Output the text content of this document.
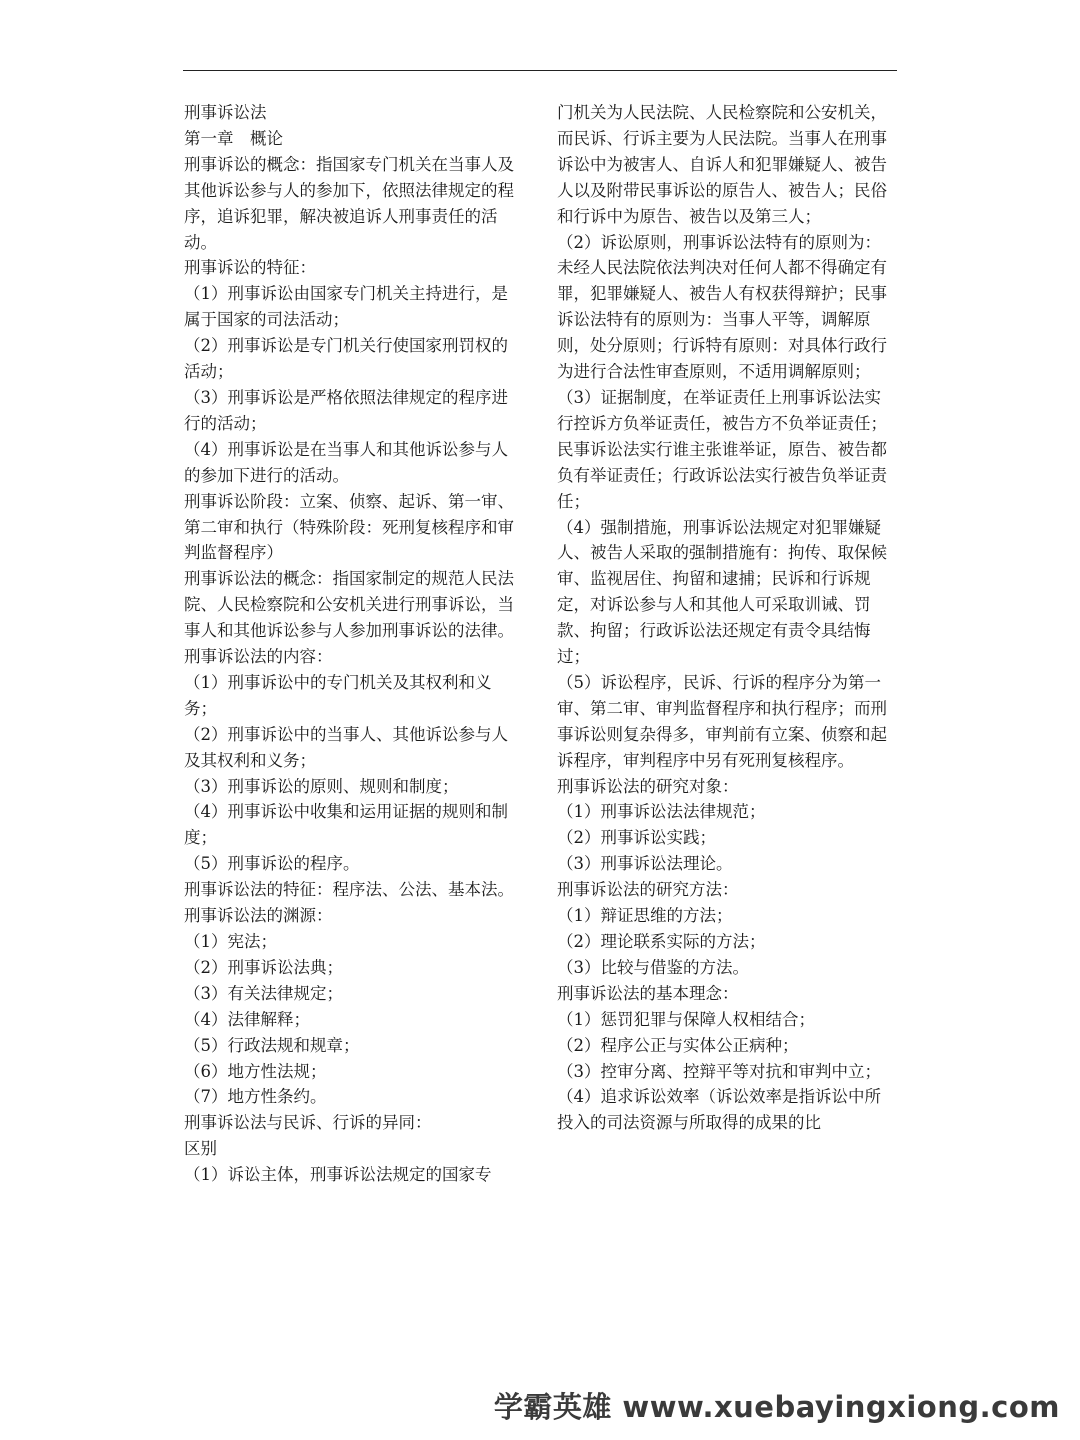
刑事诉讼法
第一章　概论
刑事诉讼的概念：指国家专门机关在当事人及其他诉讼参与人的参加下，依照法律规定的程序，追诉犯罪，解决被追诉人刑事责任的活动。
刑事诉讼的特征：
（1）刑事诉讼由国家专门机关主持进行，是属于国家的司法活动；
（2）刑事诉讼是专门机关行使国家刑罚权的活动；
（3）刑事诉讼是严格依照法律规定的程序进行的活动；
（4）刑事诉讼是在当事人和其他诉讼参与人的参加下进行的活动。
刑事诉讼阶段：立案、侦察、起诉、第一审、第二审和执行（特殊阶段：死刑复核程序和审判监督程序）
刑事诉讼法的概念：指国家制定的规范人民法院、人民检察院和公安机关进行刑事诉讼，当事人和其他诉讼参与人参加刑事诉讼的法律。
刑事诉讼法的内容：
（1）刑事诉讼中的专门机关及其权利和义务；
（2）刑事诉讼中的当事人、其他诉讼参与人及其权利和义务；
（3）刑事诉讼的原则、规则和制度；
（4）刑事诉讼中收集和运用证据的规则和制度；
（5）刑事诉讼的程序。
刑事诉讼法的特征：程序法、公法、基本法。
刑事诉讼法的渊源：
（1）宪法；
（2）刑事诉讼法典；
（3）有关法律规定；
（4）法律解释；
（5）行政法规和规章；
（6）地方性法规；
（7）地方性条约。
刑事诉讼法与民诉、行诉的异同：
区别
（1）诉讼主体，刑事诉讼法规定的国家专
门机关为人民法院、人民检察院和公安机关，而民诉、行诉主要为人民法院。当事人在刑事诉讼中为被害人、自诉人和犯罪嫌疑人、被告人以及附带民事诉讼的原告人、被告人；民俗和行诉中为原告、被告以及第三人；
（2）诉讼原则，刑事诉讼法特有的原则为：未经人民法院依法判决对任何人都不得确定有罪，犯罪嫌疑人、被告人有权获得辩护；民事诉讼法特有的原则为：当事人平等，调解原则，处分原则；行诉特有原则：对具体行政行为进行合法性审查原则，不适用调解原则；
（3）证据制度，在举证责任上刑事诉讼法实行控诉方负举证责任，被告方不负举证责任；民事诉讼法实行谁主张谁举证，原告、被告都负有举证责任；行政诉讼法实行被告负举证责任；
（4）强制措施，刑事诉讼法规定对犯罪嫌疑人、被告人采取的强制措施有：拘传、取保候审、监视居住、拘留和逮捕；民诉和行诉规定，对诉讼参与人和其他人可采取训诫、罚款、拘留；行政诉讼法还规定有责令具结悔过；
（5）诉讼程序，民诉、行诉的程序分为第一审、第二审、审判监督程序和执行程序；而刑事诉讼则复杂得多，审判前有立案、侦察和起诉程序，审判程序中另有死刑复核程序。
刑事诉讼法的研究对象：
（1）刑事诉讼法法律规范；
（2）刑事诉讼实践；
（3）刑事诉讼法理论。
刑事诉讼法的研究方法：
（1）辩证思维的方法；
（2）理论联系实际的方法；
（3）比较与借鉴的方法。
刑事诉讼法的基本理念：
（1）惩罚犯罪与保障人权相结合；
（2）程序公正与实体公正病种；
（3）控审分离、控辩平等对抗和审判中立；
（4）追求诉讼效率（诉讼效率是指诉讼中所投入的司法资源与所取得的成果的比
学霸英雄 www.xuebayingxiong.com
